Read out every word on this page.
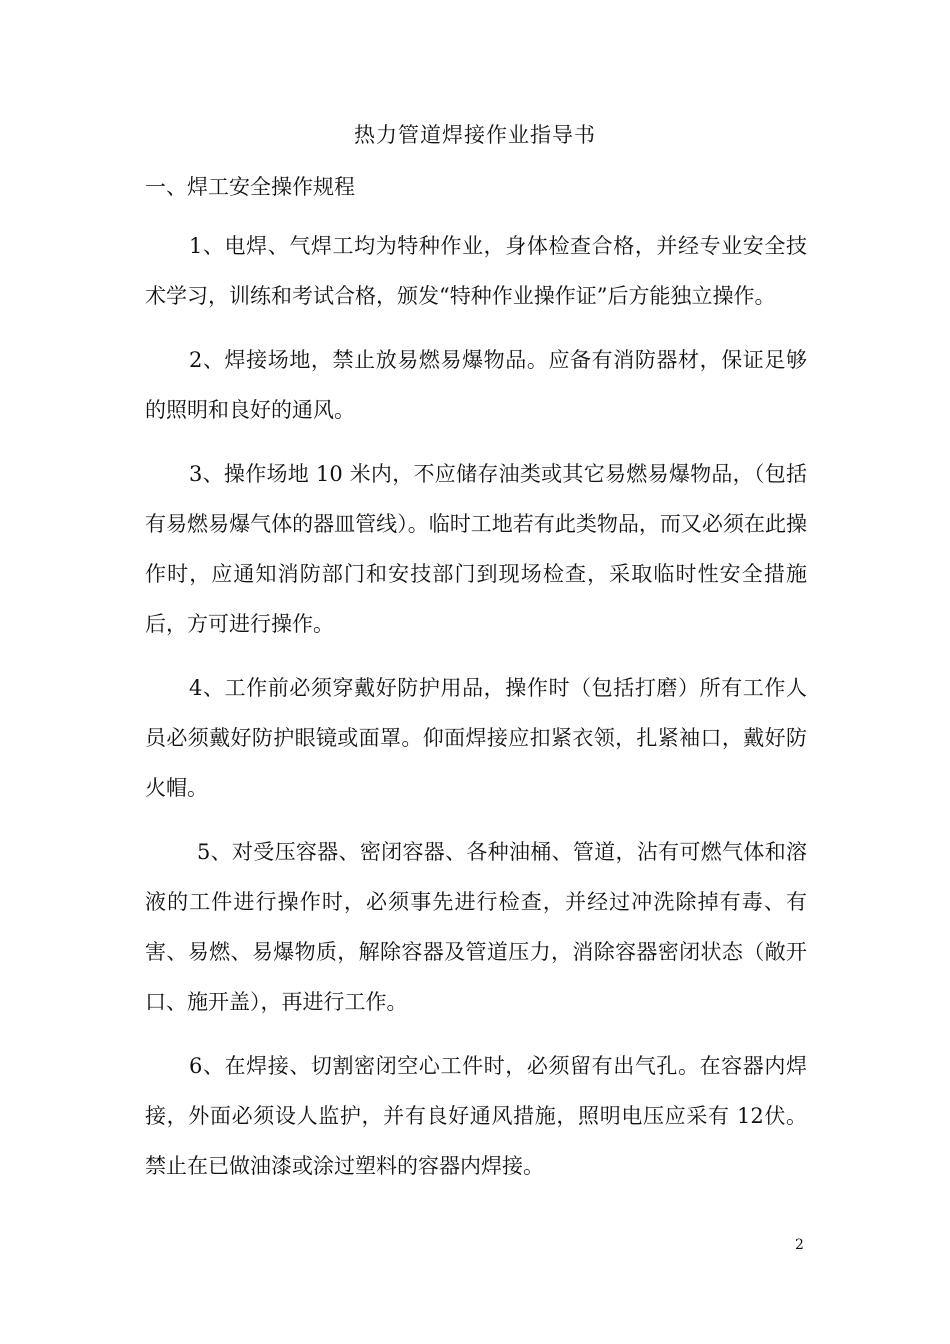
热力管道焊接作业指导书
一、焊工安全操作规程

1、电焊、气焊工均为特种作业，身体检查合格，并经专业安全技术学习，训练和考试合格，颁发“特种作业操作证”后方能独立操作。

2、焊接场地，禁止放易燃易爆物品。应备有消防器材，保证足够的照明和良好的通风。

3、操作场地 10 米内，不应储存油类或其它易燃易爆物品，（包括有易燃易爆气体的器皿管线）。临时工地若有此类物品，而又必须在此操作时，应通知消防部门和安技部门到现场检查，采取临时性安全措施后，方可进行操作。

4、工作前必须穿戴好防护用品，操作时（包括打磨）所有工作人员必须戴好防护眼镜或面罩。仰面焊接应扣紧衣领，扎紧袖口，戴好防火帽。

5、对受压容器、密闭容器、各种油桶、管道，沾有可燃气体和溶液的工件进行操作时，必须事先进行检查，并经过冲洗除掉有毒、有害、易燃、易爆物质，解除容器及管道压力，消除容器密闭状态（敞开口、施开盖），再进行工作。

6、在焊接、切割密闭空心工件时，必须留有出气孔。在容器内焊接，外面必须设人监护，并有良好通风措施，照明电压应采有 12伏。禁止在已做油漆或涂过塑料的容器内焊接。

2
